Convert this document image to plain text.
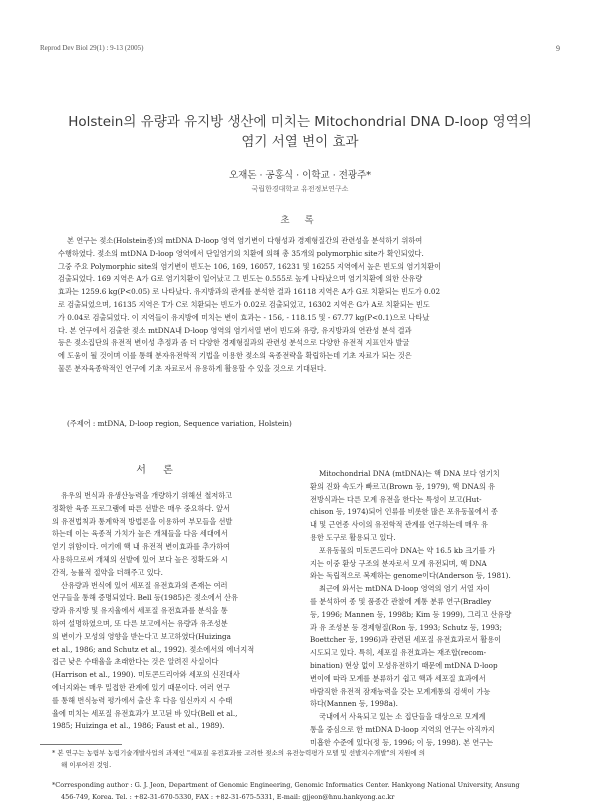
Reprod Dev Biol 29(1) : 9-13 (2005)	9
Holstein의 유량과 유지방 생산에 미치는 Mitochondrial DNA D-loop 영역의
염기 서열 변이 효과
오재돈 · 공홍식 · 이학교 · 전광주*
국립한경대학교 유전정보연구소
초 록
본 연구는 젖소(Holstein종)의 mtDNA D-loop 영역 염기변이 다형성과 경제형질간의 관련성을 분석하기 위하여
수행하였다. 젖소의 mtDNA D-loop 영역에서 단일염기의 치환에 의해 총 35개의 polymorphic site가 확인되었다.
그중 주요 Polymorphic site의 염기변이 빈도는 106, 169, 16057, 16231 및 16255 지역에서 높은 빈도의 염기치환이
검출되었다. 169 지역은 A가 G로 염기치환이 일어났고 그 빈도는 0.555로 높게 나타났으며 염기치환에 의한 산유량
효과는 1259.6 kg(P<0.05) 로 나타났다. 유지방과의 관계를 분석한 결과 16118 지역은 A가 G로 치환되는 빈도가 0.02
로 검출되었으며, 16135 지역은 T가 C로 치환되는 빈도가 0.02로 검출되었고, 16302 지역은 G가 A로 치환되는 빈도
가 0.04로 검출되었다. 이 지역들이 유지방에 미치는 변이 효과는 - 156, - 118.15 및 - 67.77 kg(P<0.1)으로 나타났
다. 본 연구에서 검출한 젖소 mtDNA내 D-loop 영역의 염기서열 변이 빈도와 유량, 유지방과의 연관성 분석 결과
등은 젖소집단의 유전적 변이성 추정과 좀 더 다양한 경제형질과의 관련성 분석으로 다양한 유전적 지표인자 발굴
에 도움이 될 것이며 이를 통해 분자유전학적 기법을 이용한 젖소의 육종전략을 확립하는데 기초 자료가 되는 것은
물론 분자육종학적인 연구에 기초 자료로서 유용하게 활용할 수 있을 것으로 기대된다.
(주제어 : mtDNA, D-loop region, Sequence variation, Holstein)
서 론
유우의 번식과 유생산능력을 개량하기 위해선 철저하고
정확한 육종 프로그램에 따른 선발은 매우 중요하다. 앞서
의 유전법칙과 통계학적 방법론을 이용하여 부모들을 선발
하는데 이는 육종적 가치가 높은 개체들을 다음 세대에서
얻기 위함이다. 여기에 핵 내 유전적 변이효과를 추가하여
사용하므로써 개체의 선발에 있어 보다 높은 정확도와 시
간적, 능률적 절약을 더해주고 있다.
산유량과 번식에 있어 세포질 유전효과의 존재는 여러
연구들을 통해 증명되었다. Bell 등(1985)은 젖소에서 산유
량과 유지방 및 유지율에서 세포질 유전효과를 분석을 통
하여 설명하였으며, 또 다른 보고에서는 유량과 유조성분
의 변이가 모성의 영향을 받는다고 보고하였다(Huizinga
et al., 1986; and Schutz et al., 1992). 젖소에서의 에너지적
접근 낮은 수태율을 초래한다는 것은 알려진 사실이다
(Harrison et al., 1990). 미토콘드리아와 세포의 신진대사
에너지와는 매우 밀접한 관계에 있기 때문이다. 여러 연구
를 통해 번식능력 평가에서 출산 후 다음 임신까지 시 수태
율에 미치는 세포질 유전효과가 보고된 바 있다(Bell et al.,
1985; Huizinga et al., 1986; Faust et al., 1989).
Mitochondrial DNA (mtDNA)는 핵 DNA 보다 염기치
환의 진화 속도가 빠르고(Brown 등, 1979), 핵 DNA의 유
전방식과는 다른 모계 유전을 한다는 특성이 보고(Hut-
chison 등, 1974)되어 인류를 비롯한 많은 포유동물에서 종
내 및 근연종 사이의 유전학적 관계를 연구하는데 매우 유
용한 도구로 활용되고 있다.
포유동물의 미토콘드리아 DNA는 약 16.5 kb 크기를 가
지는 이중 환상 구조의 분자로서 모계 유전되며, 핵 DNA
와는 독립적으로 복제하는 genome이다(Anderson 등, 1981).
최근에 와서는 mtDNA D-loop 영역의 염기 서열 자이
를 분석하여 종 및 품종간 관찰에 계통 분류 연구(Bradley
등, 1996; Mannen 등, 1998b; Kim 등 1999), 그리고 산유량
과 유 조성분 등 경제형질(Ron 등, 1993; Schutz 등, 1993;
Boettcher 등, 1996)과 관련된 세포질 유전효과로서 활용이
시도되고 있다. 특히, 세포질 유전효과는 재조합(recom-
bination) 현상 없이 모성유전하기 때문에 mtDNA D-loop
변이에 따라 모계를 분류하기 쉽고 핵과 세포질 효과에서
바람직한 유전적 잠재능력을 갖는 모계계통의 검색이 가능
하다(Mannen 등, 1998a).
국내에서 사육되고 있는 소 집단들을 대상으로 모계계
통을 중심으로 한 mtDNA D-loop 지역의 연구는 아직까지
미흡한 수준에 있다(정 등, 1996; 이 등, 1998). 본 연구는
* 본 연구는 농림부 농림기술개발사업의 과제인 "세포질 유전효과를 고려한 젖소의 유전능력평가 모델 및 선발지수개발"의 지원에 의
해 이루어진 것임.
*Corresponding author : G. J. Jeon, Department of Genomic Engineering, Genomic Informatics Center. Hankyong National University, Ansung
456-749, Korea. Tel. : +82-31-670-5330, FAX : +82-31-675-5331, E-mail: gjjeon@hnu.hankyong.ac.kr
